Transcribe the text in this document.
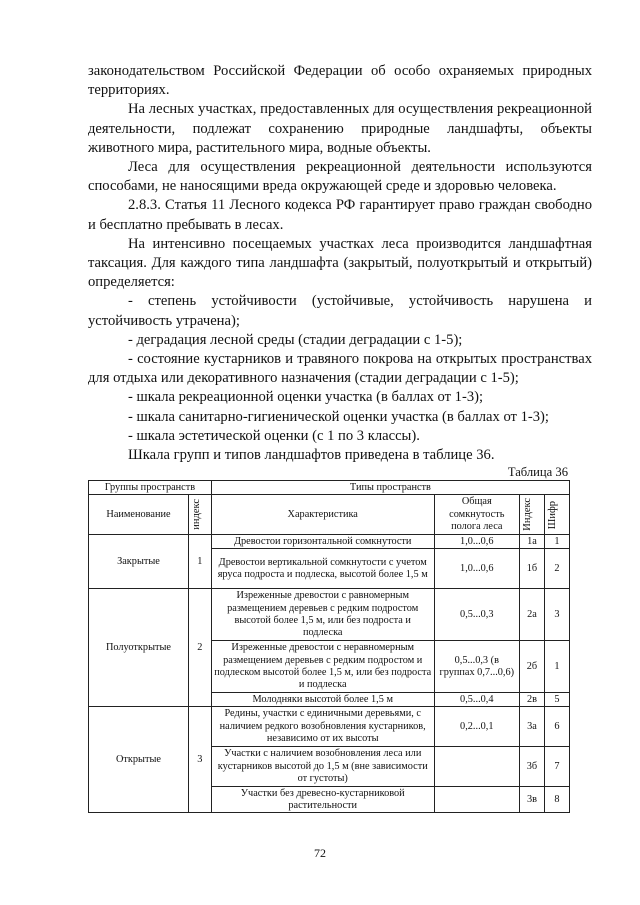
законодательством Российской Федерации об особо охраняемых природных территориях.

На лесных участках, предоставленных для осуществления рекреационной деятельности, подлежат сохранению природные ландшафты, объекты животного мира, растительного мира, водные объекты.

Леса для осуществления рекреационной деятельности используются способами, не наносящими вреда окружающей среде и здоровью человека.

2.8.3. Статья 11 Лесного кодекса РФ гарантирует право граждан свободно и бесплатно пребывать в лесах.

На интенсивно посещаемых участках леса производится ландшафтная таксация. Для каждого типа ландшафта (закрытый, полуоткрытый и открытый) определяется:

- степень устойчивости (устойчивые, устойчивость нарушена и устойчивость утрачена);

- деградация лесной среды (стадии деградации с 1-5);

- состояние кустарников и травяного покрова на открытых пространствах для отдыха или декоративного назначения (стадии деградации с 1-5);

- шкала рекреационной оценки участка (в баллах от 1-3);

- шкала санитарно-гигиенической оценки участка (в баллах от 1-3);

- шкала эстетической оценки (с 1 по 3 классы).

Шкала групп и типов ландшафтов приведена в таблице 36.

Таблица 36

Группы пространств		Типы пространств			
Наименование	индекс	Характеристика	Общая сомкнутость полога леса	Индекс	Шифр

Закрытые	1	Древостои горизонтальной сомкнутости	1,0...0,6	1а	1
		Древостои вертикальной сомкнутости с учетом яруса подроста и подлеска, высотой более 1,5 м	1,0...0,6	1б	2
Полуоткрытые	2	Изреженные древостои с равномерным размещением деревьев с редким подростом высотой более 1,5 м, или без подроста и подлеска	0,5...0,3	2а	3
		Изреженные древостои с неравномерным размещением деревьев с редким подростом и подлеском высотой более 1,5 м, или без подроста и подлеска	0,5...0,3 (в группах 0,7...0,6)	2б	1
		Молодняки высотой более 1,5 м	0,5...0,4	2в	5
Открытые	3	Редины, участки с единичными деревьями, с наличием редкого возобновления кустарников, независимо от их высоты	0,2...0,1	3а	6
		Участки с наличием возобновления леса или кустарников высотой до 1,5 м (вне зависимости от густоты)		3б	7
		Участки без древесно-кустарниковой растительности		3в	8
72
